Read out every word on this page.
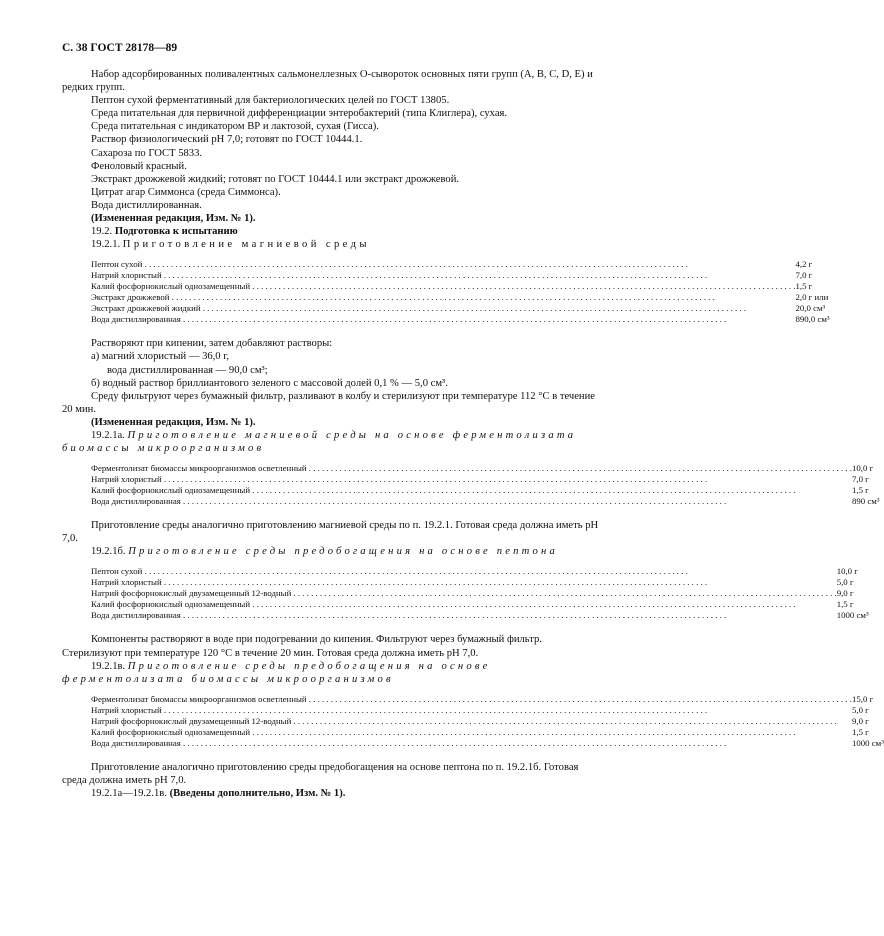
С. 38 ГОСТ 28178—89

Набор адсорбированных поливалентных сальмонеллезных О-сывороток основных пяти групп (А, В, С, D, Е) и редких групп.

Пептон сухой ферментативный для бактериологических целей по ГОСТ 13805.

Среда питательная для первичной дифференциации энтеробактерий (типа Клиглера), сухая.

Среда питательная с индикатором ВР и лактозой, сухая (Гисса).

Раствор физиологический рН 7,0; готовят по ГОСТ 10444.1.

Сахароза по ГОСТ 5833.

Феноловый красный.

Экстракт дрожжевой жидкий; готовят по ГОСТ 10444.1 или экстракт дрожжевой.

Цитрат агар Симмонса (среда Симмонса).

Вода дистиллированная.

(Измененная редакция, Изм. № 1).

19.2. Подготовка к испытанию

19.2.1. Приготовление магниевой среды

Пептон сухой . . .	4,2 г
Натрий хлористый . . .	7,0 г
Калий фосфорнокислый однозамещенный . . .	1,5 г
Экстракт дрожжевой . . .	2,0 г или
Экстракт дрожжевой жидкий . . .	20,0 см³
Вода дистиллированная . . .	890,0 см³

Растворяют при кипении, затем добавляют растворы:

а) магний хлористый — 36,0 г,

вода дистиллированная — 90,0 см³;

б) водный раствор бриллиантового зеленого с массовой долей 0,1 % — 5,0 см³.

Среду фильтруют через бумажный фильтр, разливают в колбу и стерилизуют при температуре 112 °С в течение 20 мин.

(Измененная редакция, Изм. № 1).

19.2.1а. Приготовление магниевой среды на основе ферментолизата биомассы микроорганизмов

Ферментолизат биомассы микроорганизмов осветленный . . .	10,0 г
Натрий хлористый . . .	7,0 г
Калий фосфорнокислый однозамещенный . . .	1,5 г
Вода дистиллированная . . .	890 см³

Приготовление среды аналогично приготовлению магниевой среды по п. 19.2.1. Готовая среда должна иметь рН 7,0.

19.2.1б. Приготовление среды предобогащения на основе пептона

Пептон сухой . . .	10,0 г
Натрий хлористый . . .	5,0 г
Натрий фосфорнокислый двузамещенный 12-водный . . .	9,0 г
Калий фосфорнокислый однозамещенный . . .	1,5 г
Вода дистиллированная . . .	1000 см³

Компоненты растворяют в воде при подогревании до кипения. Фильтруют через бумажный фильтр. Стерилизуют при температуре 120 °С в течение 20 мин. Готовая среда должна иметь рН 7,0.

19.2.1в. Приготовление среды предобогащения на основе ферментолизата биомассы микроорганизмов

Ферментолизат биомассы микроорганизмов осветленный . . .	15,0 г
Натрий хлористый . . .	5,0 г
Натрий фосфорнокислый двузамещенный 12-водный . . .	9,0 г
Калий фосфорнокислый однозамещенный . . .	1,5 г
Вода дистиллированная . . .	1000 см³

Приготовление аналогично приготовлению среды предобогащения на основе пептона по п. 19.2.1б. Готовая среда должна иметь рН 7,0.

19.2.1а—19.2.1в. (Введены дополнительно, Изм. № 1).
